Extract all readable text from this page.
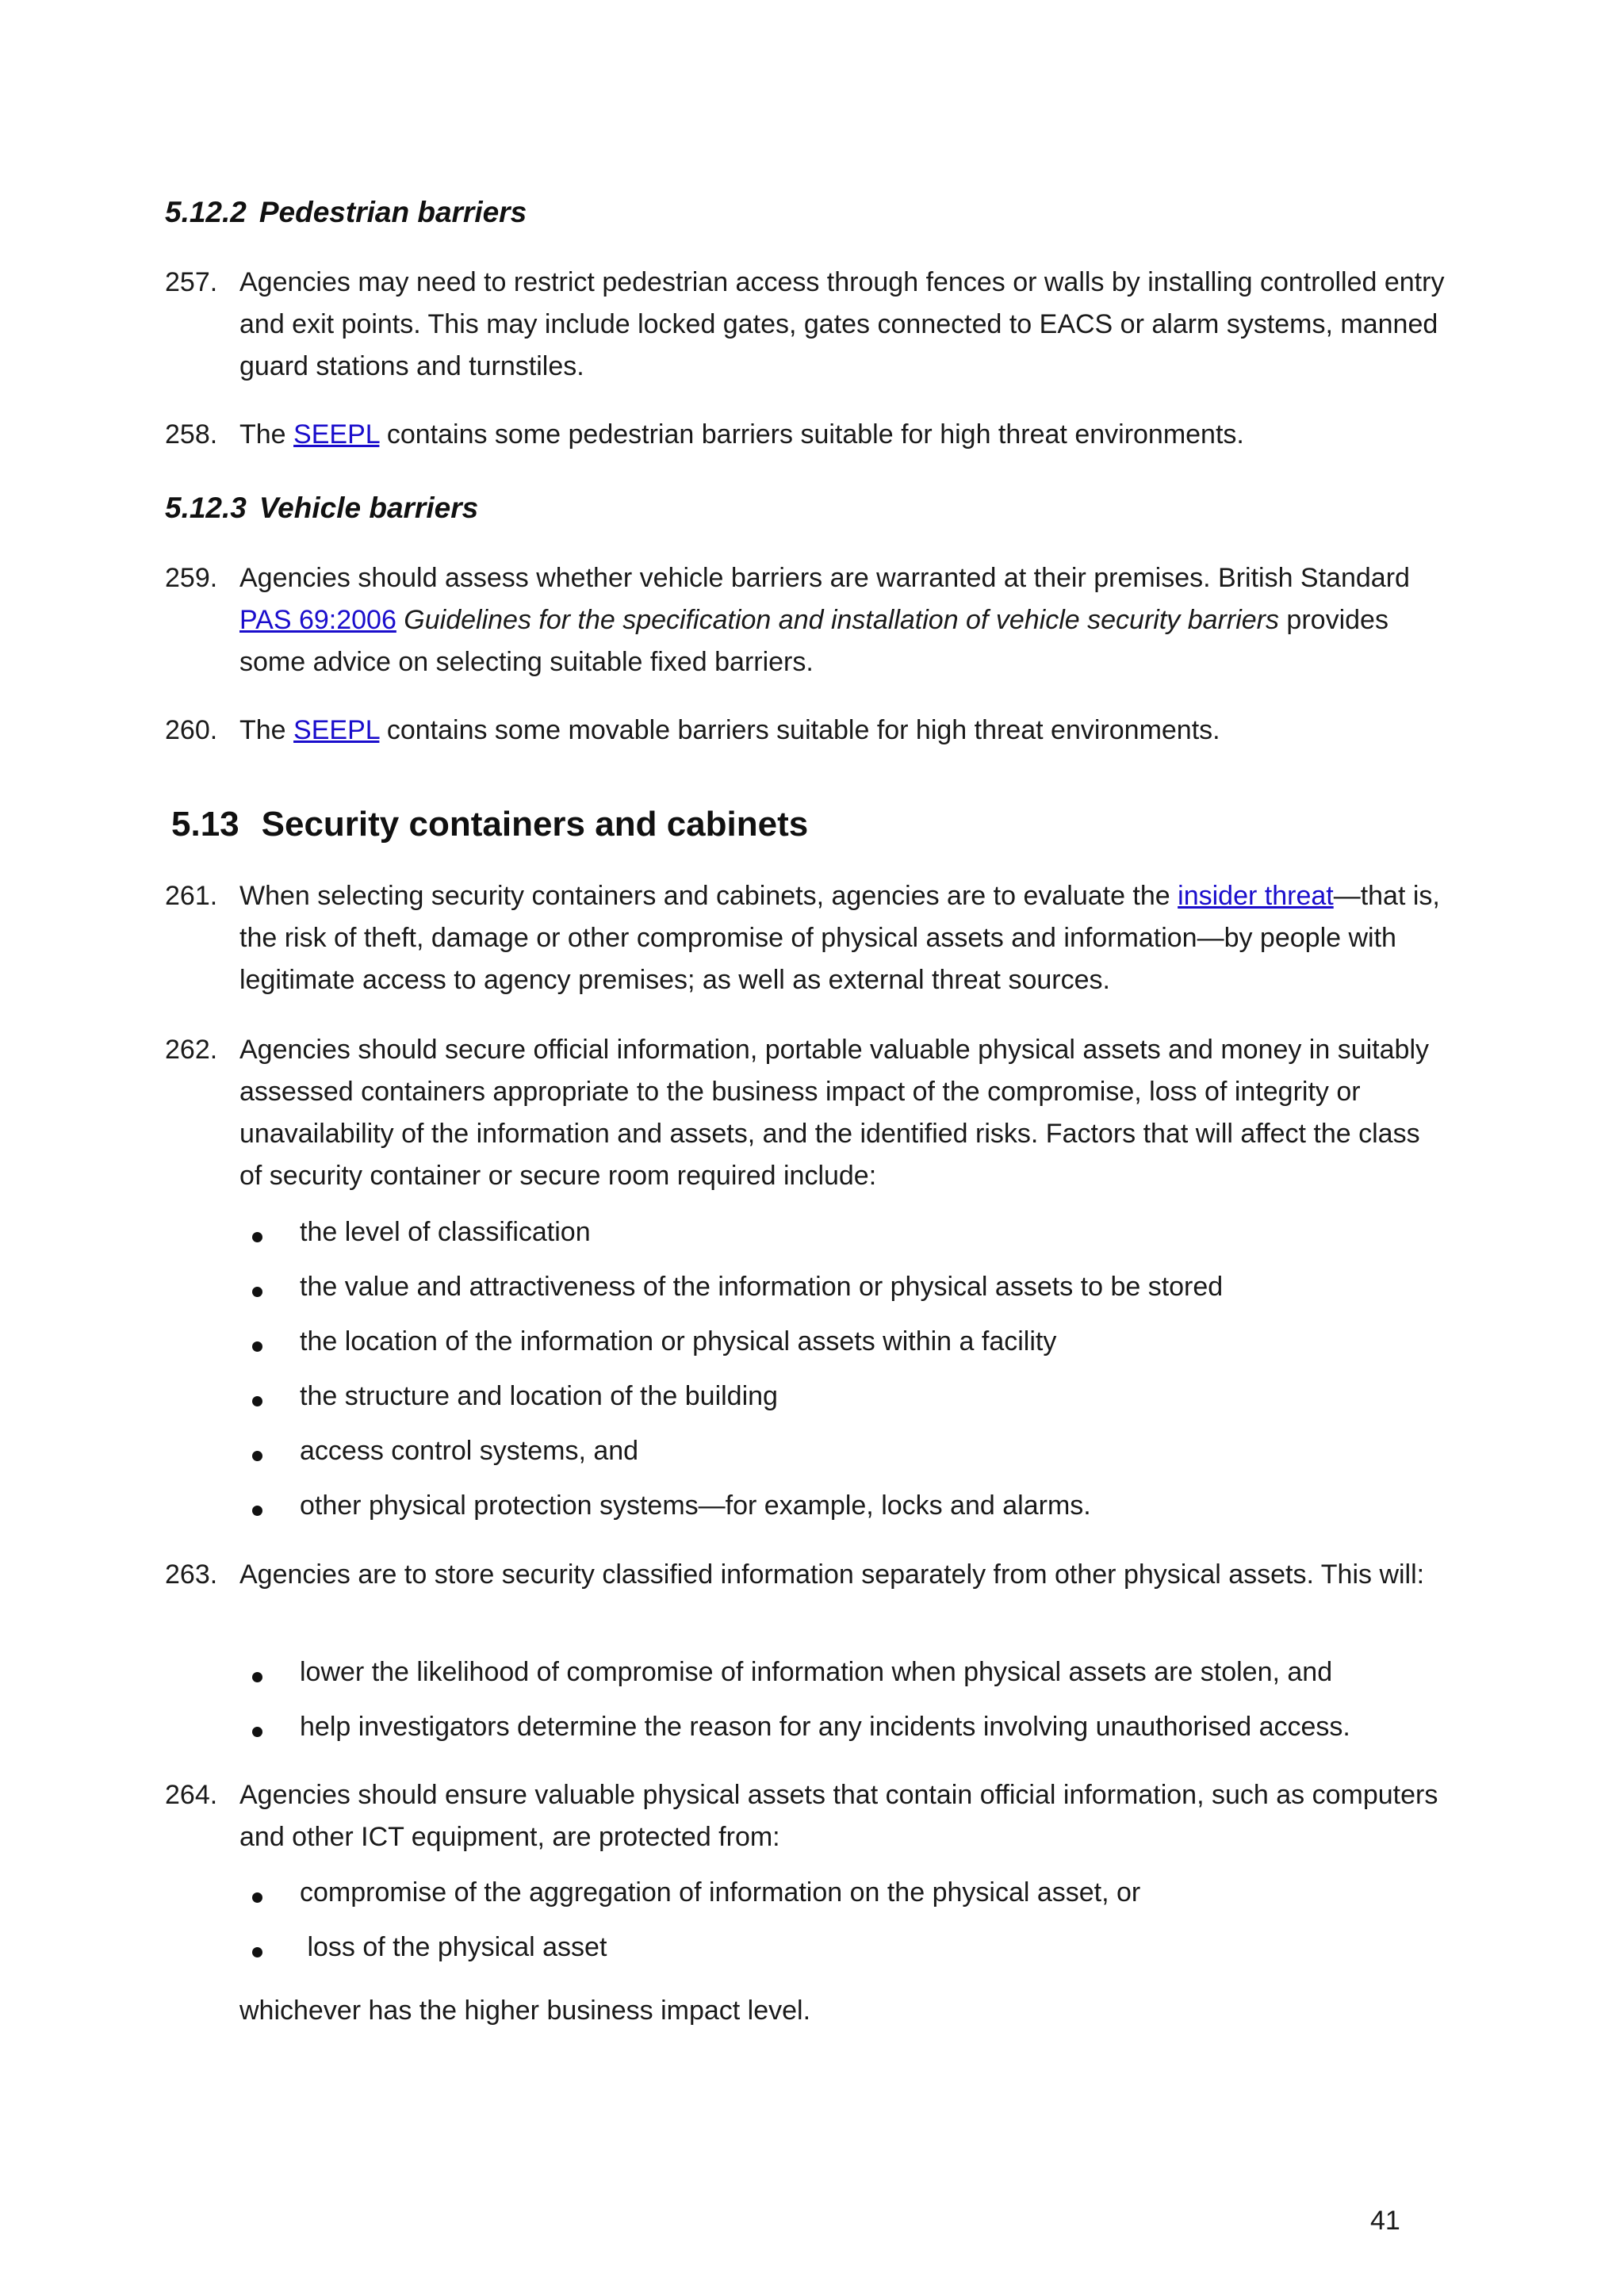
5.12.2 Pedestrian barriers

257. Agencies may need to restrict pedestrian access through fences or walls by installing controlled entry and exit points. This may include locked gates, gates connected to EACS or alarm systems, manned guard stations and turnstiles.

258. The SEEPL contains some pedestrian barriers suitable for high threat environments.

5.12.3 Vehicle barriers

259. Agencies should assess whether vehicle barriers are warranted at their premises. British Standard PAS 69:2006 Guidelines for the specification and installation of vehicle security barriers provides some advice on selecting suitable fixed barriers.

260. The SEEPL contains some movable barriers suitable for high threat environments.

5.13 Security containers and cabinets

261. When selecting security containers and cabinets, agencies are to evaluate the insider threat—that is, the risk of theft, damage or other compromise of physical assets and information—by people with legitimate access to agency premises; as well as external threat sources.

262. Agencies should secure official information, portable valuable physical assets and money in suitably assessed containers appropriate to the business impact of the compromise, loss of integrity or unavailability of the information and assets, and the identified risks. Factors that will affect the class of security container or secure room required include:

the level of classification
the value and attractiveness of the information or physical assets to be stored
the location of the information or physical assets within a facility
the structure and location of the building
access control systems, and
other physical protection systems—for example, locks and alarms.

263. Agencies are to store security classified information separately from other physical assets. This will:

lower the likelihood of compromise of information when physical assets are stolen, and
help investigators determine the reason for any incidents involving unauthorised access.

264. Agencies should ensure valuable physical assets that contain official information, such as computers and other ICT equipment, are protected from:

compromise of the aggregation of information on the physical asset, or
loss of the physical asset

whichever has the higher business impact level.

41
